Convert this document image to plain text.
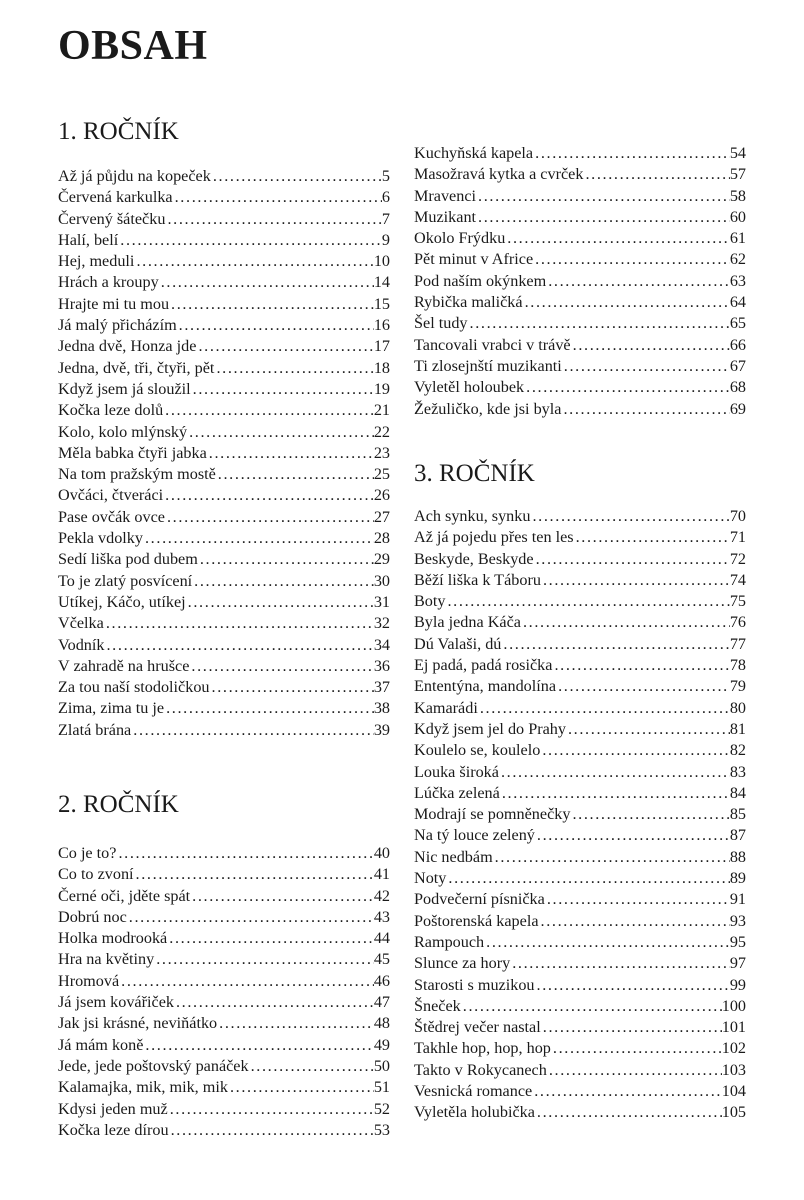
OBSAH
1. ROČNÍK
Až já půjdu na kopeček . . .	5
Červená karkulka . . .	6
Červený šátečku . . .	7
Halí, belí . . .	9
Hej, meduli . . .	10
Hrách a kroupy . . .	14
Hrajte mi tu mou . . .	15
Já malý přicházím . . .	16
Jedna dvě, Honza jde . . .	17
Jedna, dvě, tři, čtyři, pět . . .	18
Když jsem já sloužil . . .	19
Kočka leze dolů . . .	21
Kolo, kolo mlýnský . . .	22
Měla babka čtyři jabka . . .	23
Na tom pražským mostě . . .	25
Ovčáci, čtveráci . . .	26
Pase ovčák ovce . . .	27
Pekla vdolky . . .	28
Sedí liška pod dubem . . .	29
To je zlatý posvícení . . .	30
Utíkej, Káčo, utíkej . . .	31
Včelka . . .	32
Vodník . . .	34
V zahradě na hrušce . . .	36
Za tou naší stodoličkou . . .	37
Zima, zima tu je . . .	38
Zlatá brána . . .	39
2. ROČNÍK
Co je to? . . .	40
Co to zvoní . . .	41
Černé oči, jděte spát . . .	42
Dobrú noc . . .	43
Holka modrooká . . .	44
Hra na květiny . . .	45
Hromová . . .	46
Já jsem kovářiček . . .	47
Jak jsi krásné, neviňátko . . .	48
Já mám koně . . .	49
Jede, jede poštovský panáček . . .	50
Kalamajka, mik, mik, mik . . .	51
Kdysi jeden muž . . .	52
Kočka leze dírou . . .	53
Kuchyňská kapela . . .	54
Masožravá kytka a cvrček . . .	57
Mravenci . . .	58
Muzikant . . .	60
Okolo Frýdku . . .	61
Pět minut v Africe . . .	62
Pod naším okýnkem . . .	63
Rybička maličká . . .	64
Šel tudy . . .	65
Tancovali vrabci v trávě . . .	66
Ti zlosejnští muzikanti . . .	67
Vyletěl holoubek . . .	68
Žežuličko, kde jsi byla . . .	69
3. ROČNÍK
Ach synku, synku . . .	70
Až já pojedu přes ten les . . .	71
Beskyde, Beskyde . . .	72
Běží liška k Táboru . . .	74
Boty . . .	75
Byla jedna Káča . . .	76
Dú Valaši, dú . . .	77
Ej padá, padá rosička . . .	78
Ententýna, mandolína . . .	79
Kamarádi . . .	80
Když jsem jel do Prahy . . .	81
Koulelo se, koulelo . . .	82
Louka široká . . .	83
Lúčka zelená . . .	84
Modrají se pomněnečky . . .	85
Na tý louce zelený . . .	87
Nic nedbám . . .	88
Noty . . .	89
Podvečerní písnička . . .	91
Poštorenská kapela . . .	93
Rampouch . . .	95
Slunce za hory . . .	97
Starosti s muzikou . . .	99
Šneček . . .	100
Štědrej večer nastal . . .	101
Takhle hop, hop, hop . . .	102
Takto v Rokycanech . . .	103
Vesnická romance . . .	104
Vyletěla holubička . . .	105
